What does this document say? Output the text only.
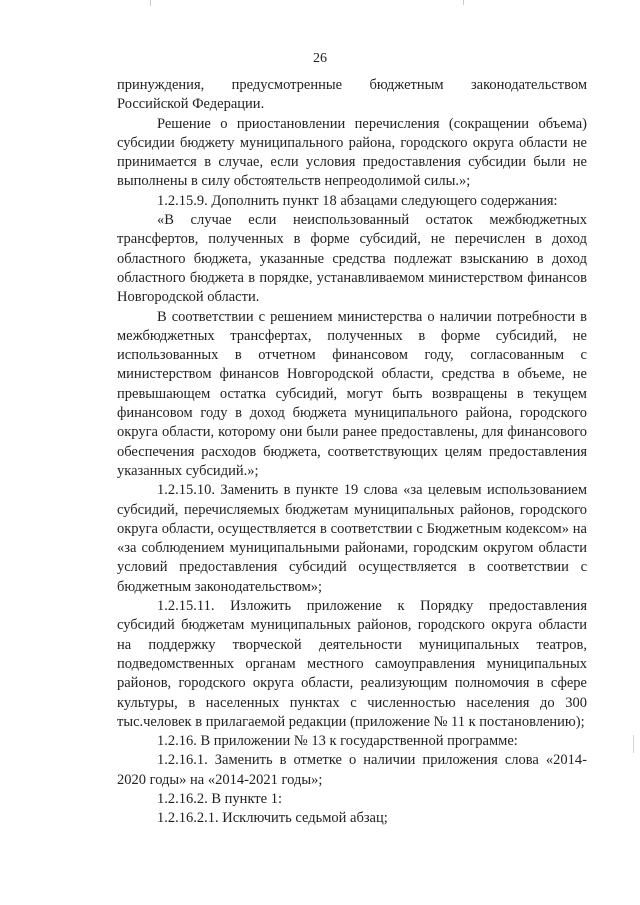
26

принуждения, предусмотренные бюджетным законодательством Российской Федерации.

Решение о приостановлении перечисления (сокращении объема) субсидии бюджету муниципального района, городского округа области не принимается в случае, если условия предоставления субсидии были не выполнены в силу обстоятельств непреодолимой силы.»;

1.2.15.9. Дополнить пункт 18 абзацами следующего содержания:

«В случае если неиспользованный остаток межбюджетных трансфертов, полученных в форме субсидий, не перечислен в доход областного бюджета, указанные средства подлежат взысканию в доход областного бюджета в порядке, устанавливаемом министерством финансов Новгородской области.

В соответствии с решением министерства о наличии потребности в межбюджетных трансфертах, полученных в форме субсидий, не использованных в отчетном финансовом году, согласованным с министерством финансов Новгородской области, средства в объеме, не превышающем остатка субсидий, могут быть возвращены в текущем финансовом году в доход бюджета муниципального района, городского округа области, которому они были ранее предоставлены, для финансового обеспечения расходов бюджета, соответствующих целям предоставления указанных субсидий.»;

1.2.15.10. Заменить в пункте 19 слова «за целевым использованием субсидий, перечисляемых бюджетам муниципальных районов, городского округа области, осуществляется в соответствии с Бюджетным кодексом» на «за соблюдением муниципальными районами, городским округом области условий предоставления субсидий осуществляется в соответствии с бюджетным законодательством»;

1.2.15.11. Изложить приложение к Порядку предоставления субсидий бюджетам муниципальных районов, городского округа области на поддержку творческой деятельности муниципальных театров, подведомственных органам местного самоуправления муниципальных районов, городского округа области, реализующим полномочия в сфере культуры, в населенных пунктах с численностью населения до 300 тыс.человек в прилагаемой редакции (приложение № 11 к постановлению);

1.2.16. В приложении № 13 к государственной программе:

1.2.16.1. Заменить в отметке о наличии приложения слова «2014-2020 годы» на «2014-2021 годы»;

1.2.16.2. В пункте 1:

1.2.16.2.1. Исключить седьмой абзац;
